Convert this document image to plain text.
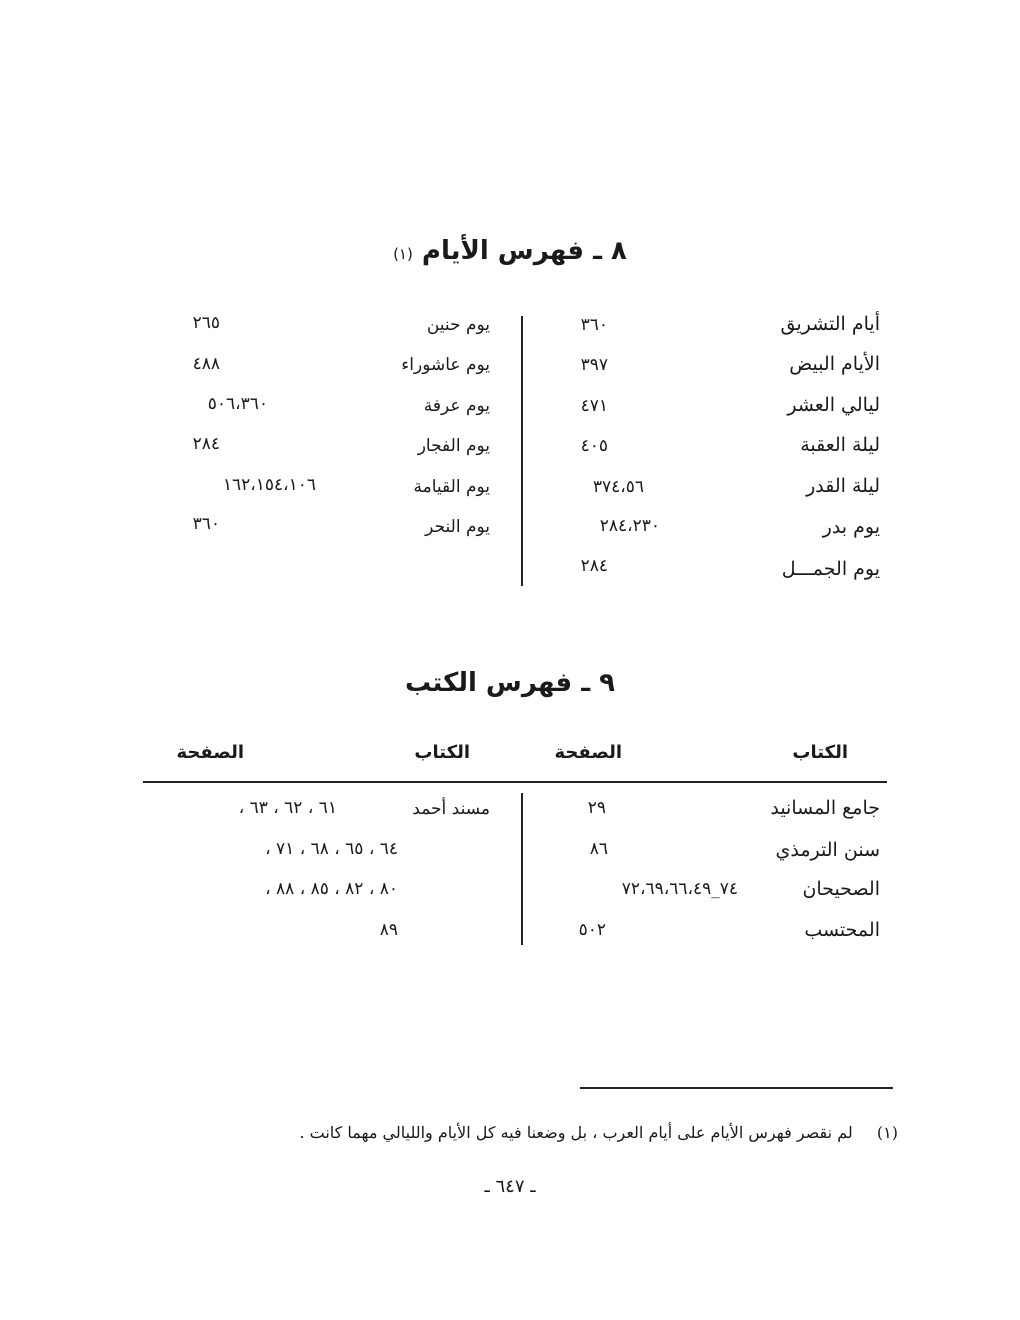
٨ ـ فهرس الأيام (١)
أيام التشريق
٣٦٠
الأيام البيض
٣٩٧
ليالي العشر
٤٧١
ليلة العقبة
٤٠٥
ليلة القدر
٣٧٤،٥٦
يوم بدر
٢٨٤،٢٣٠
يوم الجمـــل
٢٨٤
يوم حنين
٢٦٥
يوم عاشوراء
٤٨٨
يوم عرفة
٥٠٦،٣٦٠
يوم الفجار
٢٨٤
يوم القيامة
١٦٢،١٥٤،١٠٦
يوم النحر
٣٦٠
٩ ـ فهرس الكتب
الكتاب
الصفحة
الكتاب
الصفحة
جامع المسانيد
٢٩
سنن الترمذي
٨٦
الصحيحان
٧٤_٧٢،٦٩،٦٦،٤٩
المحتسب
٥٠٢
مسند أحمد
٦١ ، ٦٢ ، ٦٣ ،
٦٤ ، ٦٥ ، ٦٨ ، ٧١ ،
٨٠ ، ٨٢ ، ٨٥ ، ٨٨ ،
٨٩
(١)  لم نقصر فهرس الأيام على أيام العرب ، بل وضعنا فيه كل الأيام والليالي مهما كانت .
ـ ٦٤٧ ـ
